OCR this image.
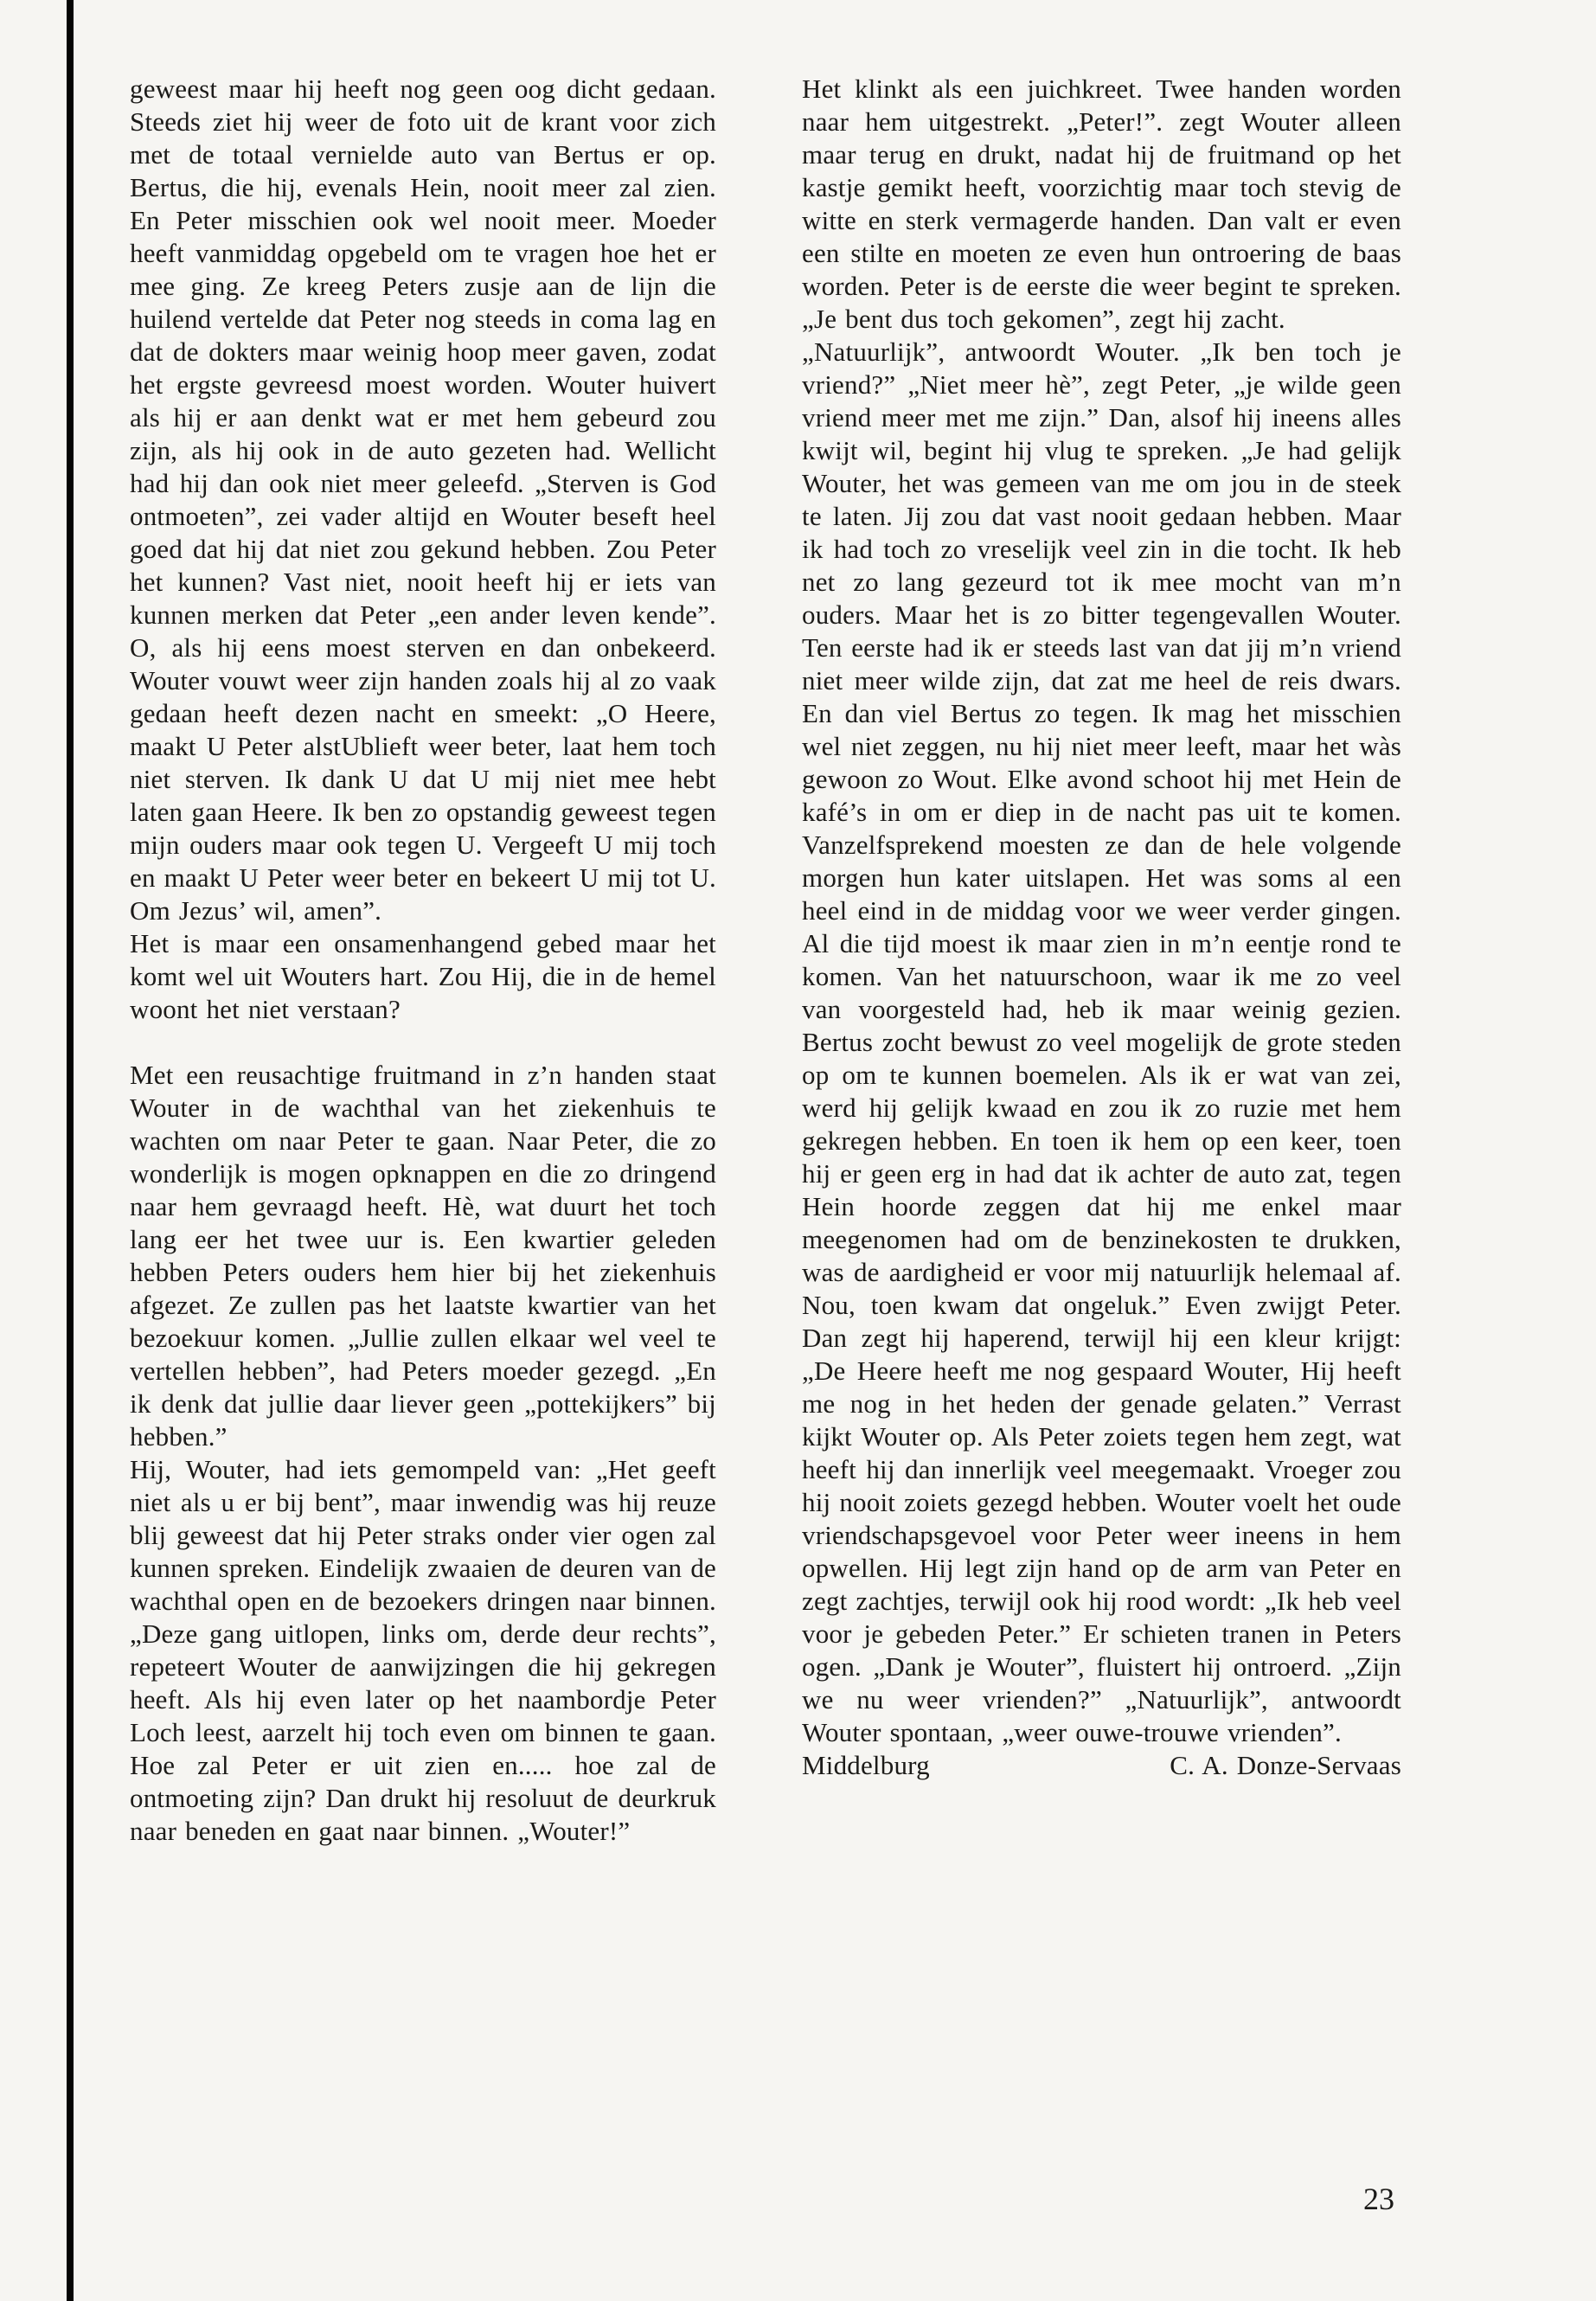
geweest maar hij heeft nog geen oog dicht gedaan. Steeds ziet hij weer de foto uit de krant voor zich met de totaal vernielde auto van Bertus er op. Bertus, die hij, evenals Hein, nooit meer zal zien. En Peter misschien ook wel nooit meer. Moeder heeft vanmiddag opgebeld om te vragen hoe het er mee ging. Ze kreeg Peters zusje aan de lijn die huilend vertelde dat Peter nog steeds in coma lag en dat de dokters maar weinig hoop meer gaven, zodat het ergste gevreesd moest worden. Wouter huivert als hij er aan denkt wat er met hem gebeurd zou zijn, als hij ook in de auto gezeten had. Wellicht had hij dan ook niet meer geleefd. „Sterven is God ontmoeten”, zei vader altijd en Wouter beseft heel goed dat hij dat niet zou gekund hebben. Zou Peter het kunnen? Vast niet, nooit heeft hij er iets van kunnen merken dat Peter „een ander leven kende”. O, als hij eens moest sterven en dan onbekeerd. Wouter vouwt weer zijn handen zoals hij al zo vaak gedaan heeft dezen nacht en smeekt: „O Heere, maakt U Peter alstUblieft weer beter, laat hem toch niet sterven. Ik dank U dat U mij niet mee hebt laten gaan Heere. Ik ben zo opstandig geweest tegen mijn ouders maar ook tegen U. Vergeeft U mij toch en maakt U Peter weer beter en bekeert U mij tot U. Om Jezus’ wil, amen”.

Het is maar een onsamenhangend gebed maar het komt wel uit Wouters hart. Zou Hij, die in de hemel woont het niet verstaan?

Met een reusachtige fruitmand in z’n handen staat Wouter in de wachthal van het ziekenhuis te wachten om naar Peter te gaan. Naar Peter, die zo wonderlijk is mogen opknappen en die zo dringend naar hem gevraagd heeft. Hè, wat duurt het toch lang eer het twee uur is. Een kwartier geleden hebben Peters ouders hem hier bij het ziekenhuis afgezet. Ze zullen pas het laatste kwartier van het bezoekuur komen. „Jullie zullen elkaar wel veel te vertellen hebben”, had Peters moeder gezegd. „En ik denk dat jullie daar liever geen „pottekijkers” bij hebben.”

Hij, Wouter, had iets gemompeld van: „Het geeft niet als u er bij bent”, maar inwendig was hij reuze blij geweest dat hij Peter straks onder vier ogen zal kunnen spreken. Eindelijk zwaaien de deuren van de wachthal open en de bezoekers dringen naar binnen. „Deze gang uitlopen, links om, derde deur rechts”, repeteert Wouter de aanwijzingen die hij gekregen heeft. Als hij even later op het naambordje Peter Loch leest, aarzelt hij toch even om binnen te gaan. Hoe zal Peter er uit zien en..... hoe zal de ontmoeting zijn? Dan drukt hij resoluut de deurkruk naar beneden en gaat naar binnen. „Wouter!”

Het klinkt als een juichkreet. Twee handen worden naar hem uitgestrekt. „Peter!”. zegt Wouter alleen maar terug en drukt, nadat hij de fruitmand op het kastje gemikt heeft, voorzichtig maar toch stevig de witte en sterk vermagerde handen. Dan valt er even een stilte en moeten ze even hun ontroering de baas worden. Peter is de eerste die weer begint te spreken. „Je bent dus toch gekomen”, zegt hij zacht.

„Natuurlijk”, antwoordt Wouter. „Ik ben toch je vriend?” „Niet meer hè”, zegt Peter, „je wilde geen vriend meer met me zijn.” Dan, alsof hij ineens alles kwijt wil, begint hij vlug te spreken. „Je had gelijk Wouter, het was gemeen van me om jou in de steek te laten. Jij zou dat vast nooit gedaan hebben. Maar ik had toch zo vreselijk veel zin in die tocht. Ik heb net zo lang gezeurd tot ik mee mocht van m’n ouders. Maar het is zo bitter tegengevallen Wouter. Ten eerste had ik er steeds last van dat jij m’n vriend niet meer wilde zijn, dat zat me heel de reis dwars. En dan viel Bertus zo tegen. Ik mag het misschien wel niet zeggen, nu hij niet meer leeft, maar het wàs gewoon zo Wout. Elke avond schoot hij met Hein de kafé’s in om er diep in de nacht pas uit te komen. Vanzelfsprekend moesten ze dan de hele volgende morgen hun kater uitslapen. Het was soms al een heel eind in de middag voor we weer verder gingen. Al die tijd moest ik maar zien in m’n eentje rond te komen. Van het natuurschoon, waar ik me zo veel van voorgesteld had, heb ik maar weinig gezien. Bertus zocht bewust zo veel mogelijk de grote steden op om te kunnen boemelen. Als ik er wat van zei, werd hij gelijk kwaad en zou ik zo ruzie met hem gekregen hebben. En toen ik hem op een keer, toen hij er geen erg in had dat ik achter de auto zat, tegen Hein hoorde zeggen dat hij me enkel maar meegenomen had om de benzinekosten te drukken, was de aardigheid er voor mij natuurlijk helemaal af. Nou, toen kwam dat ongeluk.” Even zwijgt Peter. Dan zegt hij haperend, terwijl hij een kleur krijgt: „De Heere heeft me nog gespaard Wouter, Hij heeft me nog in het heden der genade gelaten.” Verrast kijkt Wouter op. Als Peter zoiets tegen hem zegt, wat heeft hij dan innerlijk veel meegemaakt. Vroeger zou hij nooit zoiets gezegd hebben. Wouter voelt het oude vriendschapsgevoel voor Peter weer ineens in hem opwellen. Hij legt zijn hand op de arm van Peter en zegt zachtjes, terwijl ook hij rood wordt: „Ik heb veel voor je gebeden Peter.” Er schieten tranen in Peters ogen. „Dank je Wouter”, fluistert hij ontroerd. „Zijn we nu weer vrienden?” „Natuurlijk”, antwoordt Wouter spontaan, „weer ouwe-trouwe vrienden”.

Middelburg	C. A. Donze-Servaas
23
